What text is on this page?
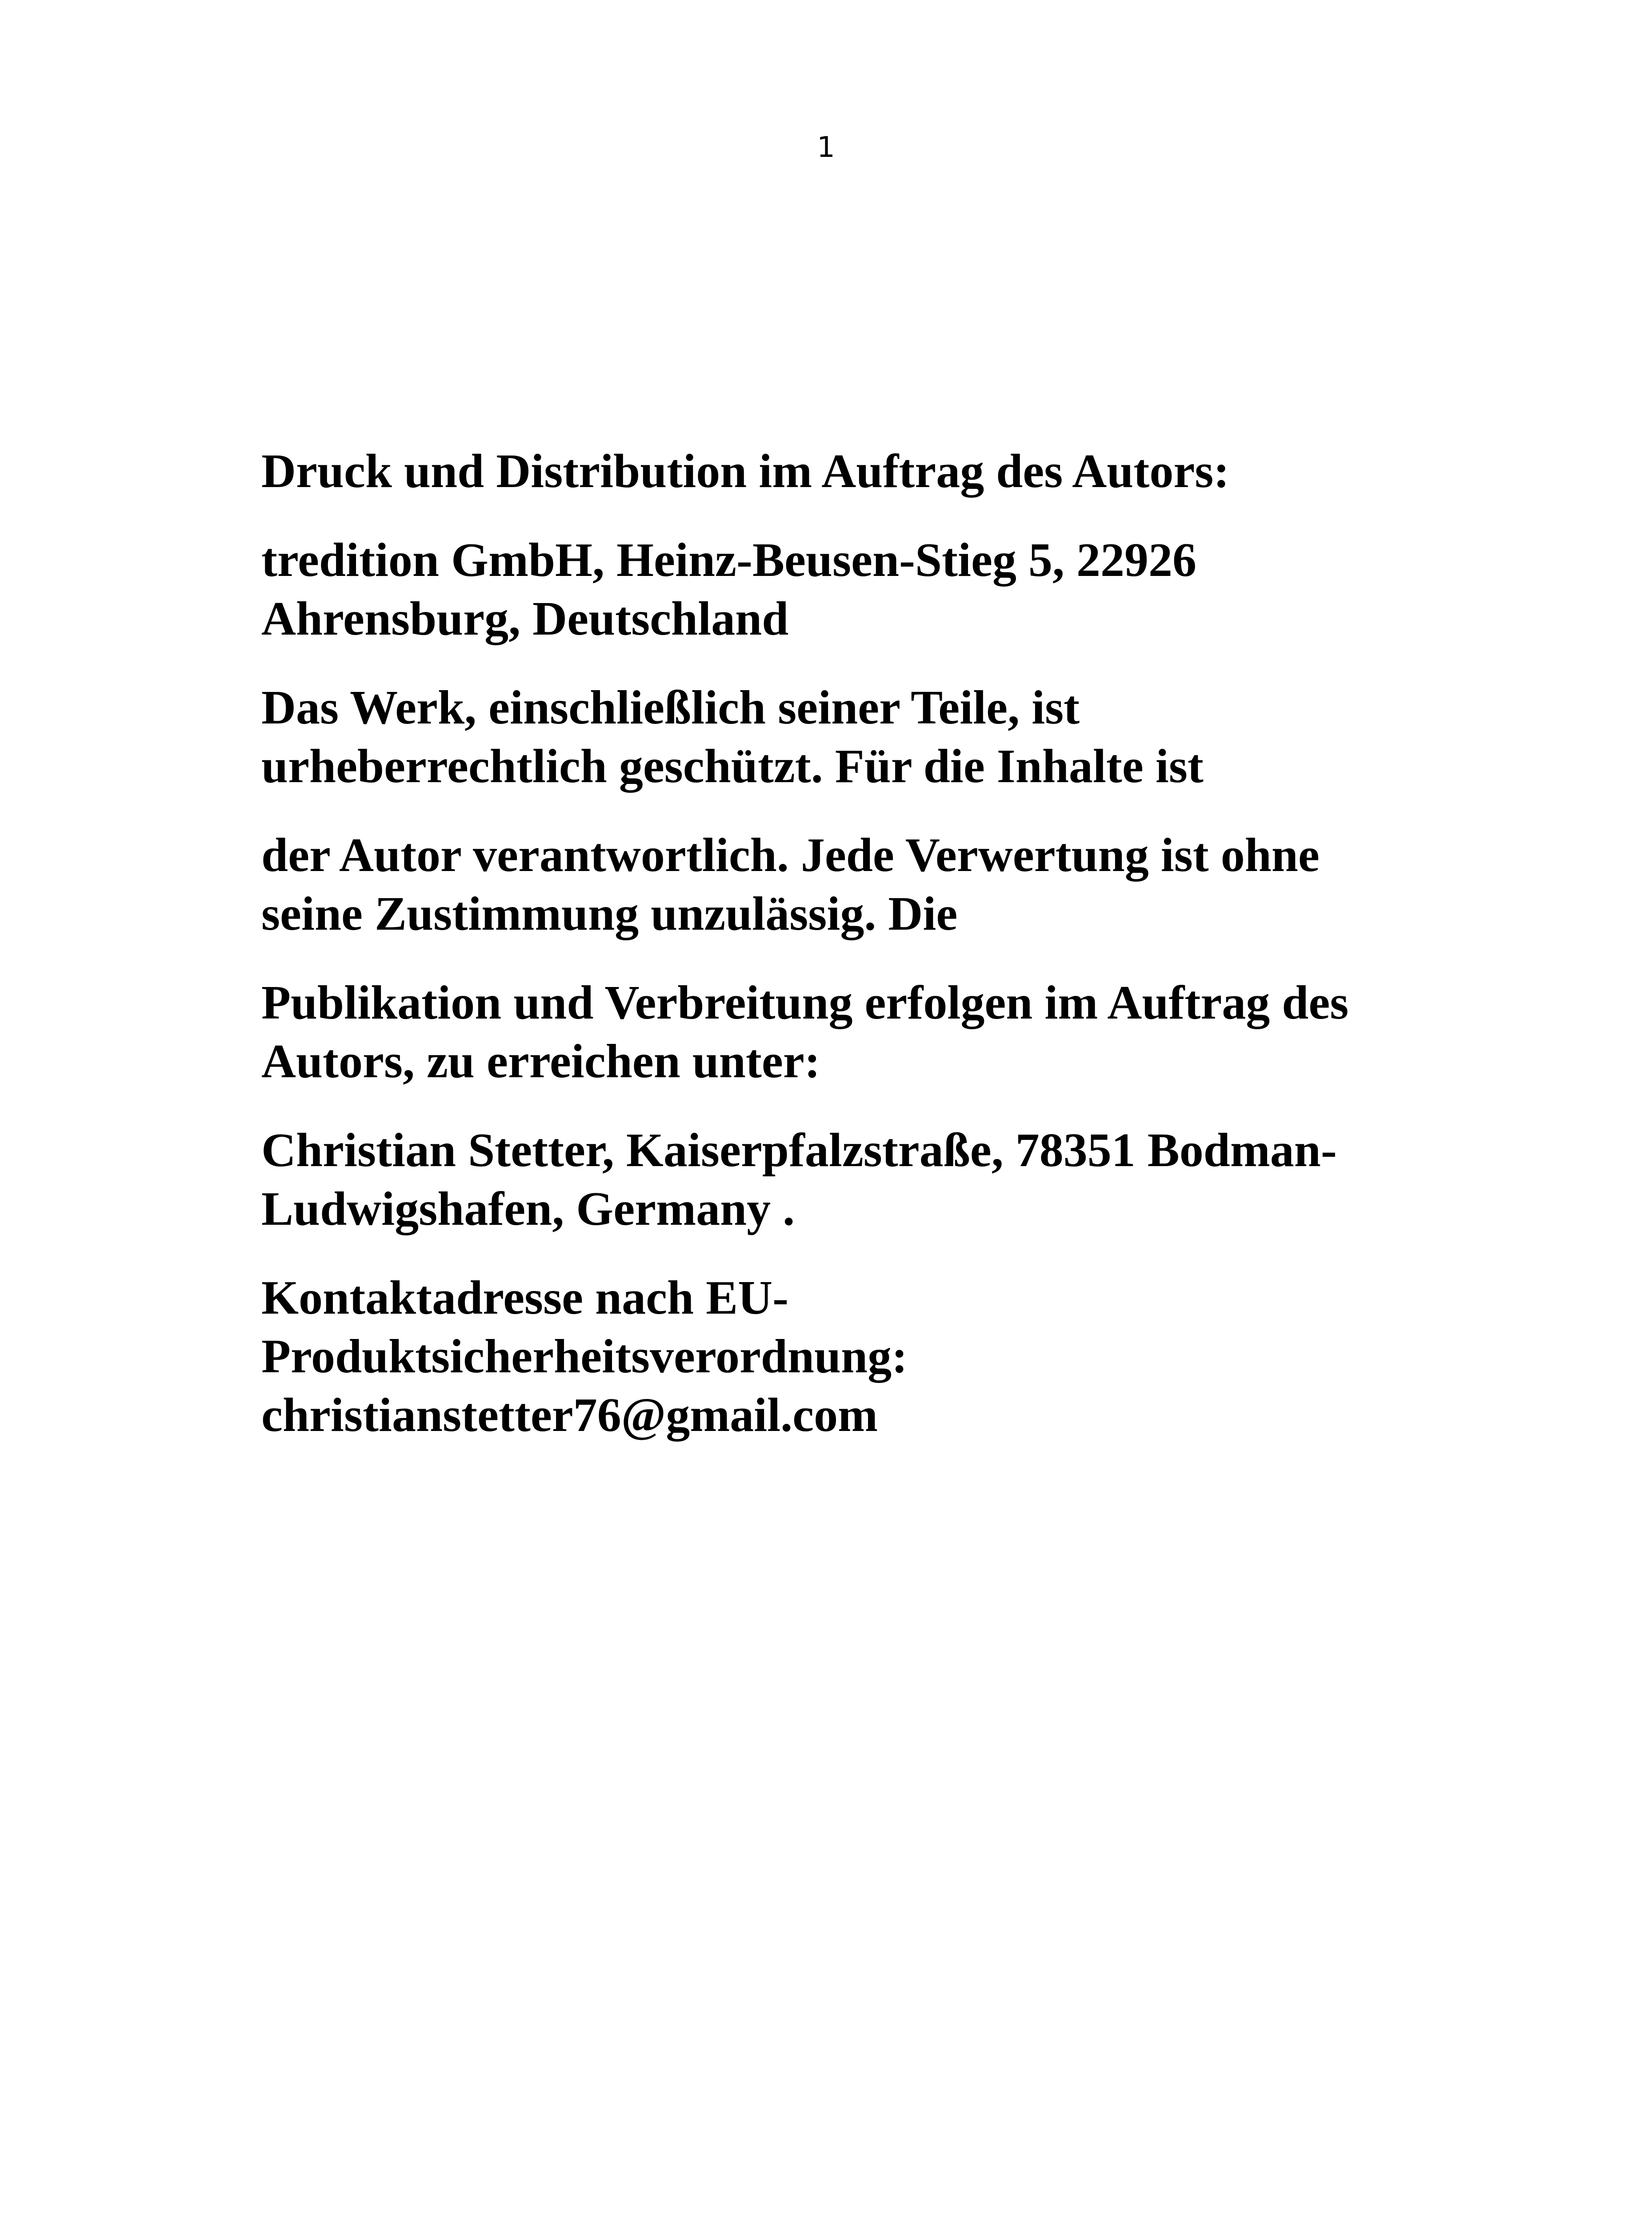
1

Druck und Distribution im Auftrag des Autors:

tredition GmbH, Heinz-Beusen-Stieg 5, 22926
Ahrensburg, Deutschland

Das Werk, einschließlich seiner Teile, ist
urheberrechtlich geschützt. Für die Inhalte ist

der Autor verantwortlich. Jede Verwertung ist ohne
seine Zustimmung unzulässig. Die

Publikation und Verbreitung erfolgen im Auftrag des
Autors, zu erreichen unter:

Christian Stetter, Kaiserpfalzstraße, 78351 Bodman-
Ludwigshafen, Germany .

Kontaktadresse nach EU-
Produktsicherheitsverordnung:
christianstetter76@gmail.com
